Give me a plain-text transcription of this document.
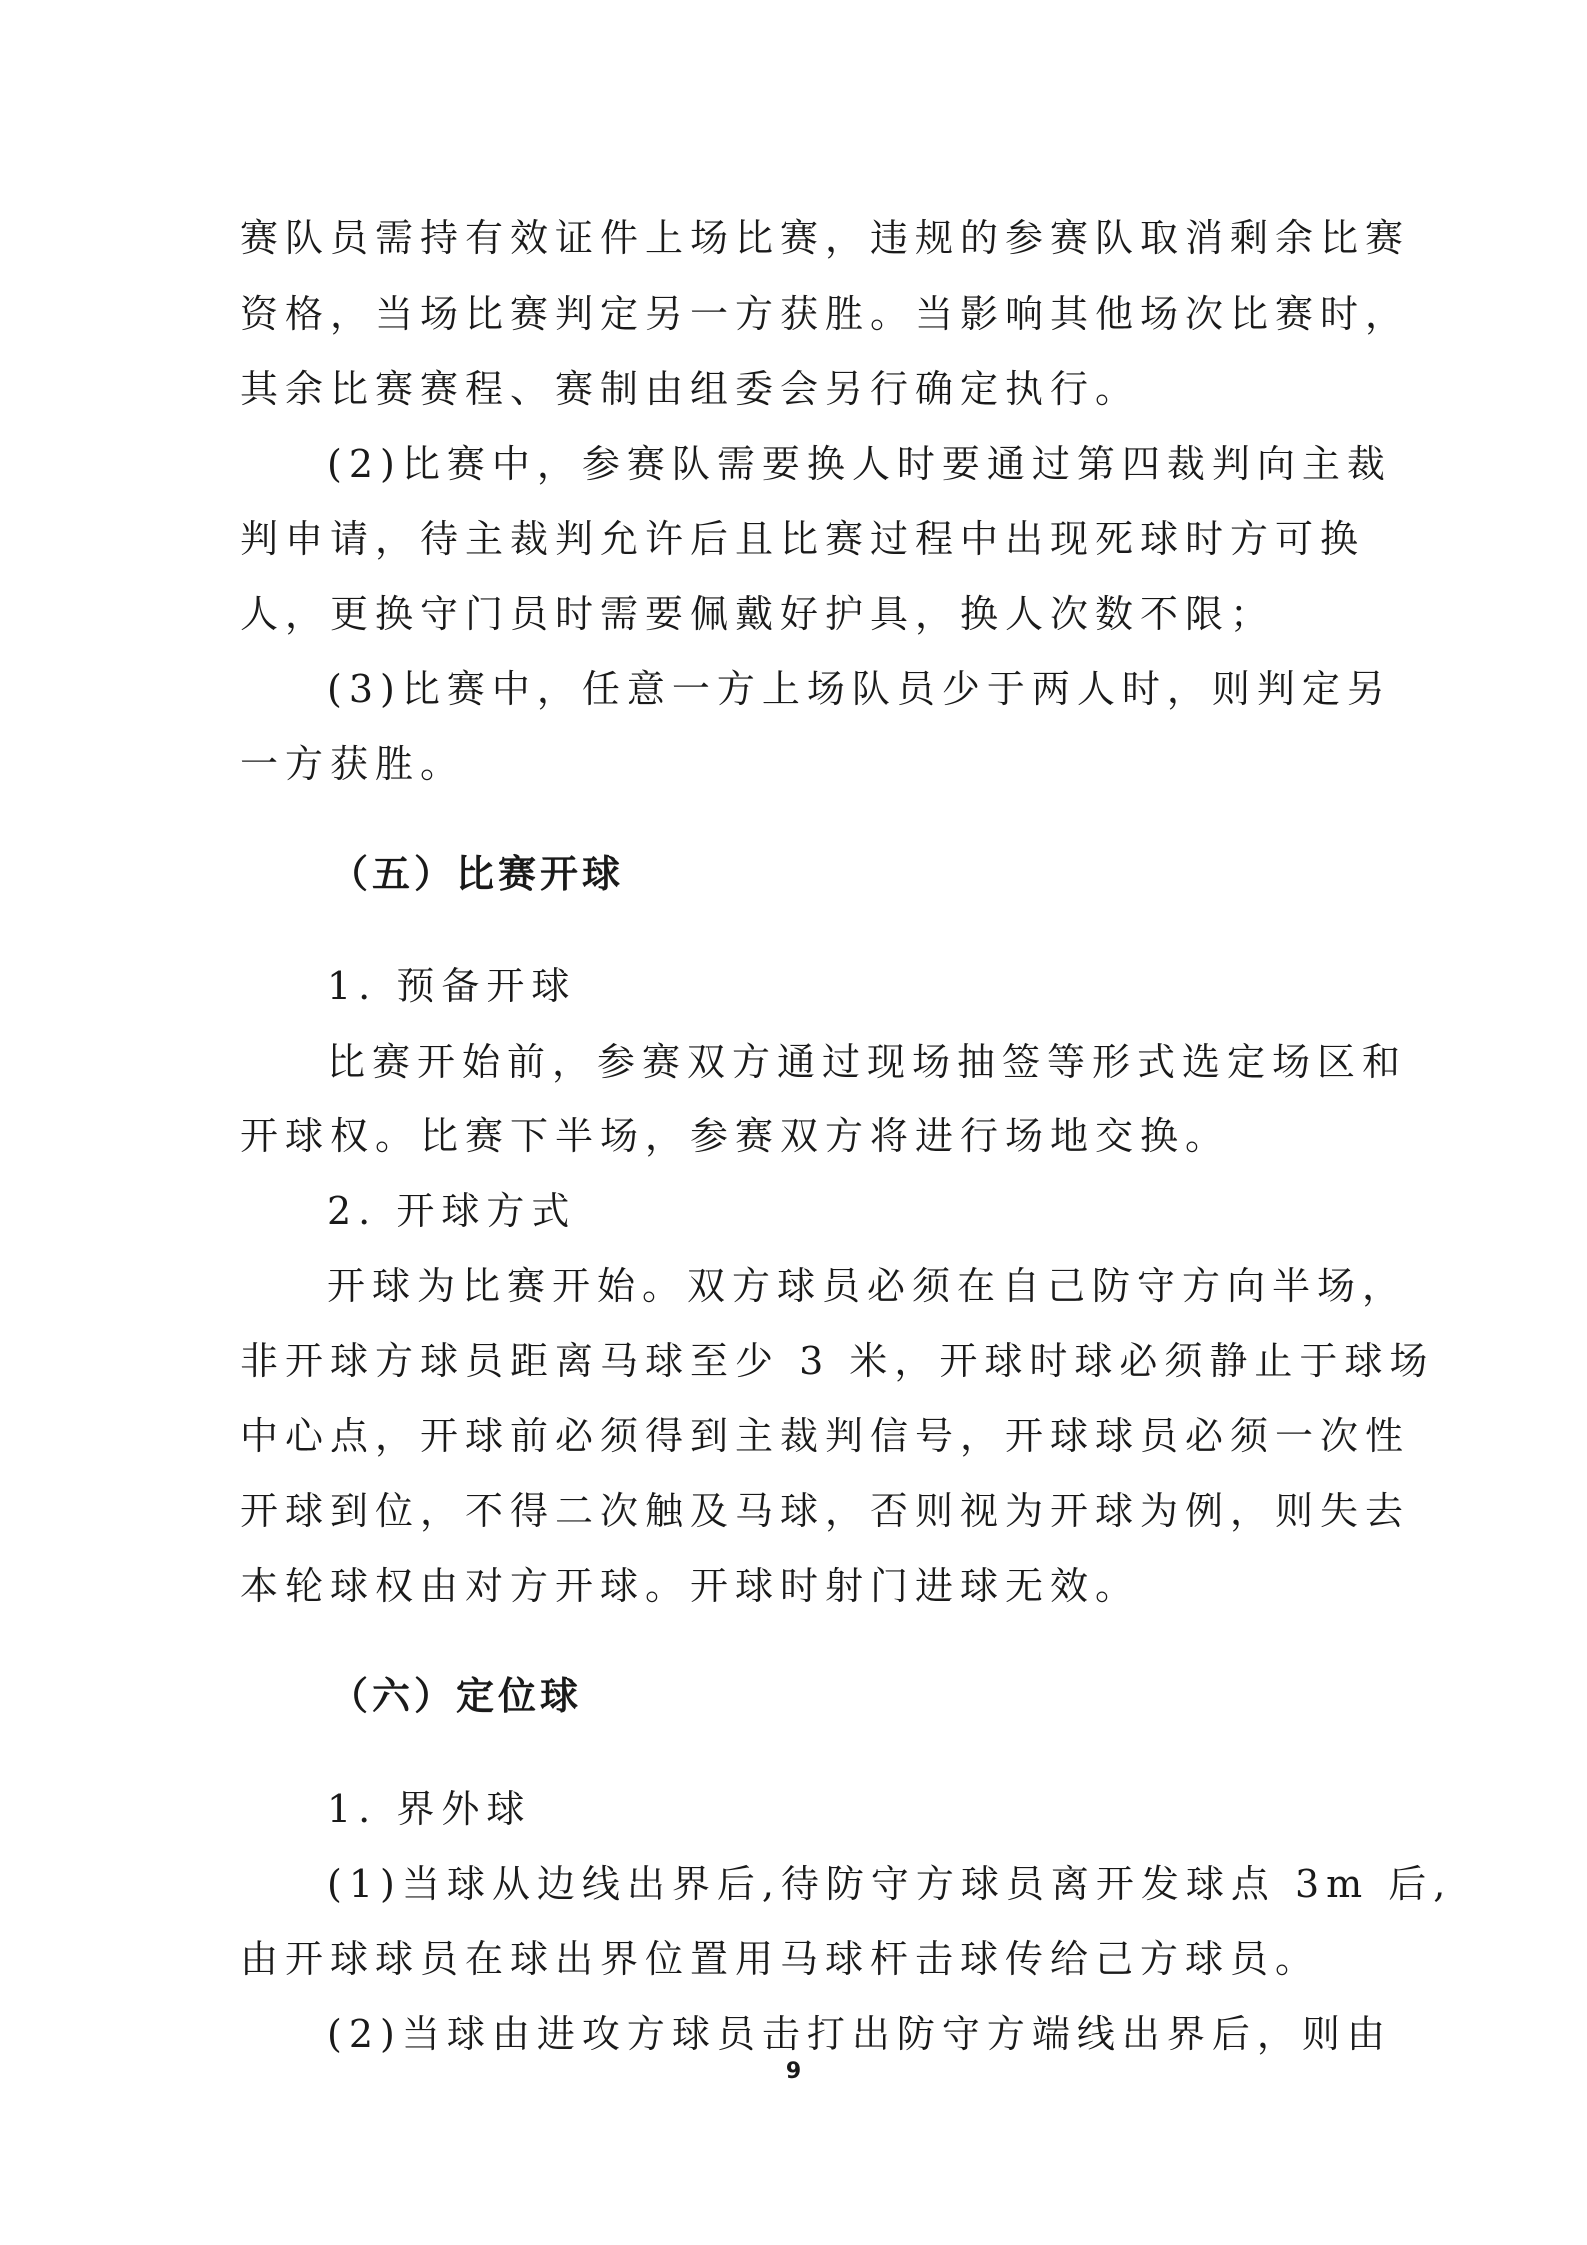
赛队员需持有效证件上场比赛，违规的参赛队取消剩余比赛
资格，当场比赛判定另一方获胜。当影响其他场次比赛时，
其余比赛赛程、赛制由组委会另行确定执行。
(2)比赛中，参赛队需要换人时要通过第四裁判向主裁
判申请，待主裁判允许后且比赛过程中出现死球时方可换
人，更换守门员时需要佩戴好护具，换人次数不限；
(3)比赛中，任意一方上场队员少于两人时，则判定另
一方获胜。
（五）比赛开球
1. 预备开球
比赛开始前，参赛双方通过现场抽签等形式选定场区和
开球权。比赛下半场，参赛双方将进行场地交换。
2. 开球方式
开球为比赛开始。双方球员必须在自己防守方向半场，
非开球方球员距离马球至少 3 米，开球时球必须静止于球场
中心点，开球前必须得到主裁判信号，开球球员必须一次性
开球到位，不得二次触及马球，否则视为开球为例，则失去
本轮球权由对方开球。开球时射门进球无效。
（六）定位球
1. 界外球
(1)当球从边线出界后,待防守方球员离开发球点 3m 后,
由开球球员在球出界位置用马球杆击球传给己方球员。
(2)当球由进攻方球员击打出防守方端线出界后，则由
9
